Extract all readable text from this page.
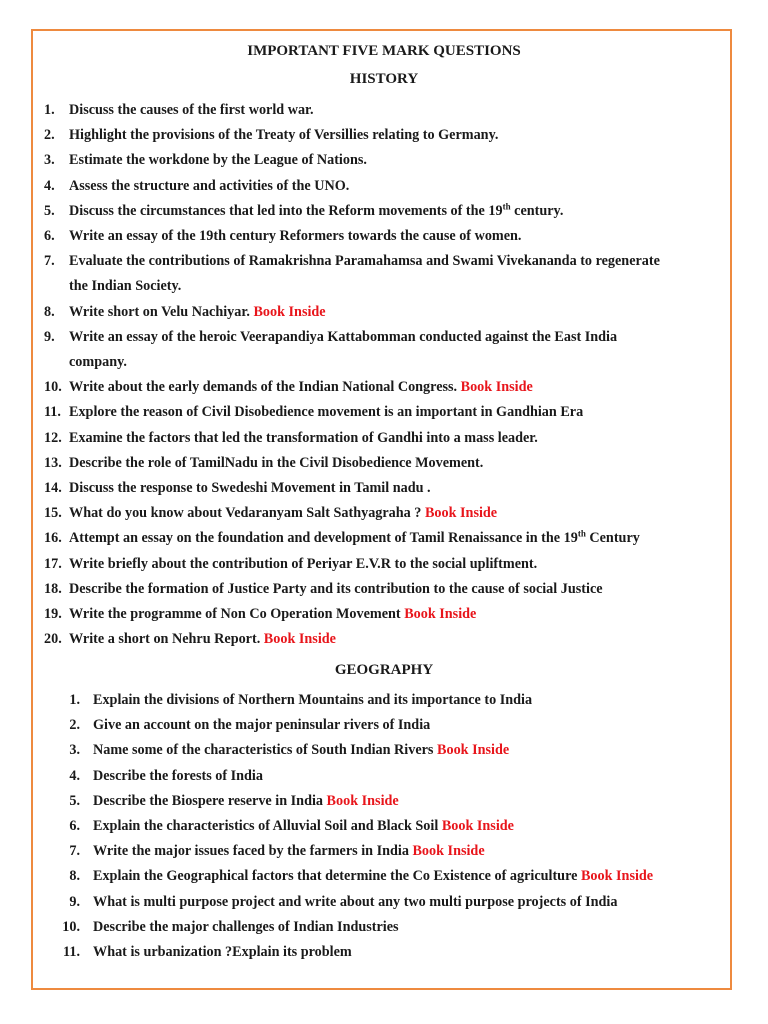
IMPORTANT FIVE MARK QUESTIONS
HISTORY
1. Discuss the causes of the first world war.
2. Highlight the provisions of the Treaty of Versillies relating to Germany.
3. Estimate the workdone by the League of Nations.
4. Assess the structure and activities of the UNO.
5. Discuss the circumstances that led into the Reform movements of the 19th century.
6. Write an essay of the 19th century Reformers towards the cause of women.
7. Evaluate the contributions of Ramakrishna Paramahamsa and Swami Vivekananda to regenerate
the Indian Society.
8. Write short on Velu Nachiyar. Book Inside
9. Write an essay of the heroic Veerapandiya Kattabomman conducted against the East India
company.
10. Write about the early demands of the Indian National Congress. Book Inside
11. Explore the reason of Civil Disobedience movement is an important in Gandhian Era
12. Examine the factors that led the transformation of Gandhi into a mass leader.
13. Describe the role of TamilNadu in the Civil Disobedience Movement.
14. Discuss the response to Swedeshi Movement in Tamil nadu .
15. What do you know about Vedaranyam Salt Sathyagraha ? Book Inside
16. Attempt an essay on the foundation and development of Tamil Renaissance in the 19th Century
17. Write briefly about the contribution of Periyar E.V.R to the social upliftment.
18. Describe the formation of Justice Party and its contribution to the cause of social Justice
19. Write the programme of Non Co Operation Movement Book Inside
20. Write a short on Nehru Report. Book Inside
GEOGRAPHY
1. Explain the divisions of Northern Mountains and its importance to India
2. Give an account on the major peninsular rivers of India
3. Name some of the characteristics of South Indian Rivers Book Inside
4. Describe the forests of India
5. Describe the Biospere reserve in India Book Inside
6. Explain the characteristics of Alluvial Soil and Black Soil Book Inside
7. Write the major issues faced by the farmers in India Book Inside
8. Explain the Geographical factors that determine the Co Existence of agriculture Book Inside
9. What is multi purpose project and write about any two multi purpose projects of India
10. Describe the major challenges of Indian Industries
11. What is urbanization ?Explain its problem
